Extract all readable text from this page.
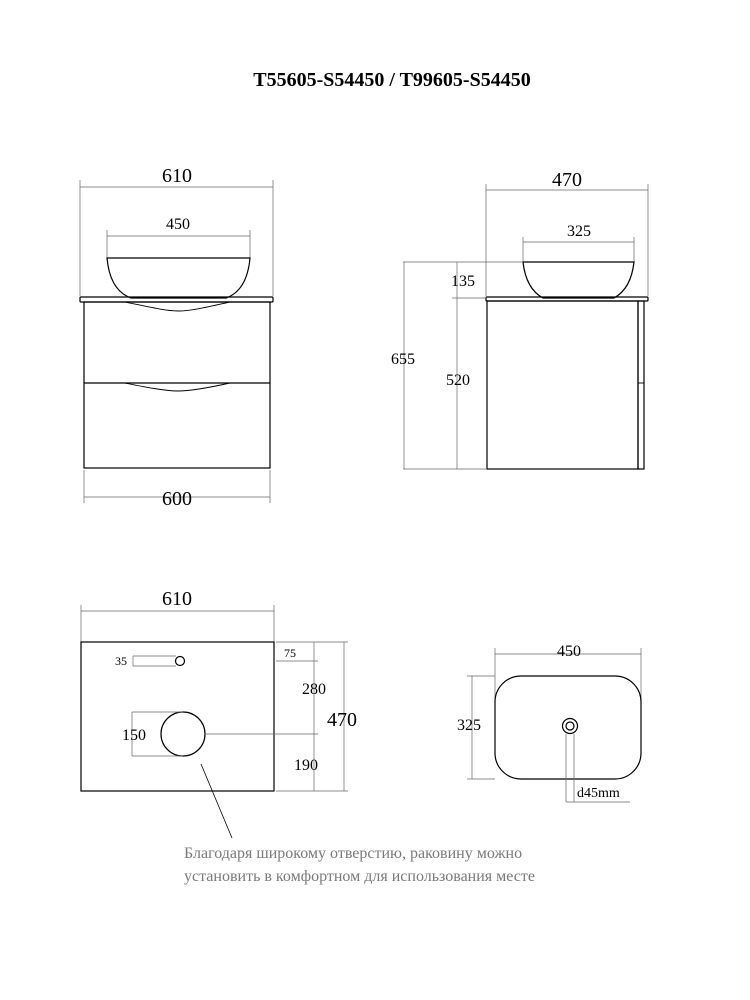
T55605-S54450 / T99605-S54450
610
450
600
470
325
655
135
520
610
35
75
150
280
190
470
450
325
d45mm
Благодаря широкому отверстию, раковину можно
установить в комфортном для использования месте
